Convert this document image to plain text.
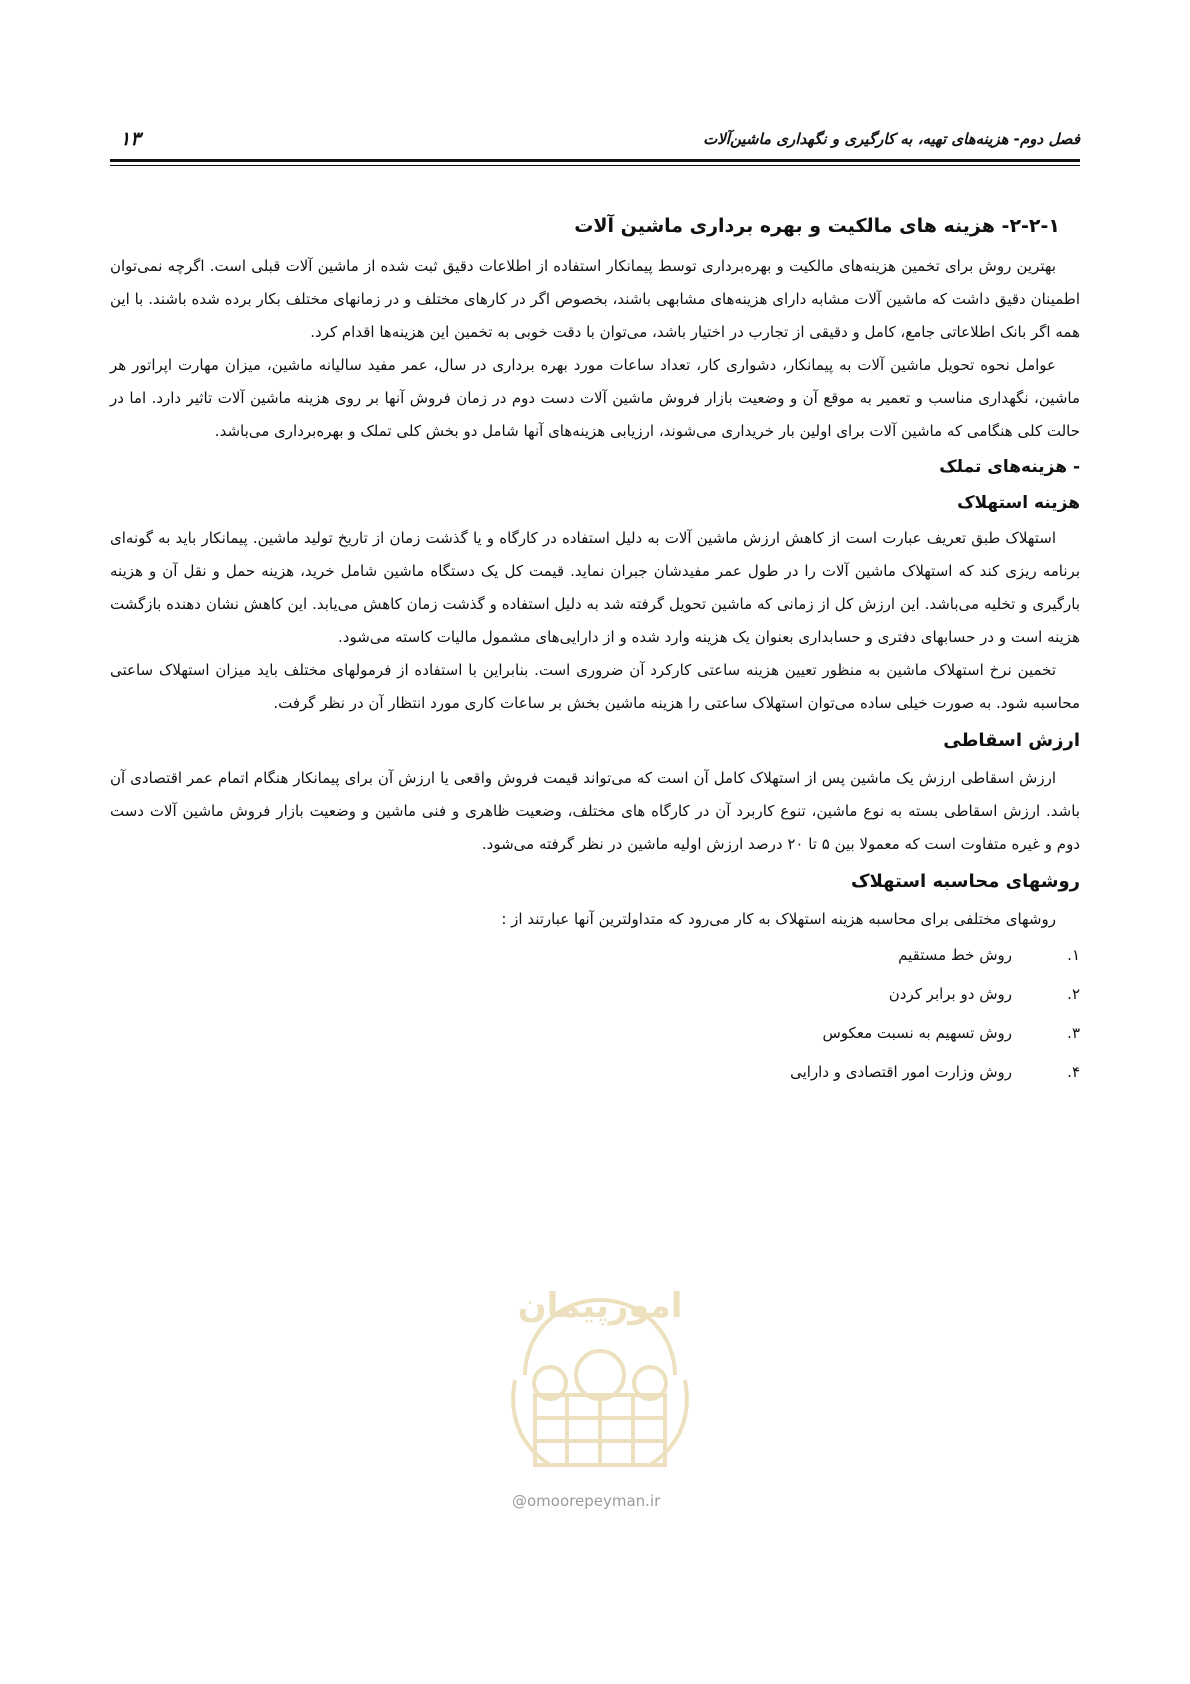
فصل دوم- هزینه‌های تهیه، به کارگیری و نگهداری ماشین‌آلات
۱۳
۲-۲-۱- هزینه های مالکیت و بهره برداری ماشین آلات

بهترین روش برای تخمین هزینه‌های مالکیت و بهره‌برداری توسط پیمانکار استفاده از اطلاعات دقیق ثبت شده از ماشین آلات قبلی است. اگرچه نمی‌توان اطمینان دقیق داشت که ماشین آلات مشابه دارای هزینه‌های مشابهی باشند، بخصوص اگر در کارهای مختلف و در زمانهای مختلف بکار برده شده باشند. با این همه اگر بانک اطلاعاتی جامع، کامل و دقیقی از تجارب در اختیار باشد، می‌توان با دقت خوبی به تخمین این هزینه‌ها اقدام کرد.

عوامل نحوه تحویل ماشین آلات به پیمانکار، دشواری کار، تعداد ساعات مورد بهره برداری در سال، عمر مفید سالیانه ماشین، میزان مهارت اپراتور هر ماشین، نگهداری مناسب و تعمیر به موقع آن و وضعیت بازار فروش ماشین آلات دست دوم در زمان فروش آنها بر روی هزینه ماشین آلات تاثیر دارد. اما در حالت کلی هنگامی که ماشین آلات برای اولین بار خریداری می‌شوند، ارزیابی هزینه‌های آنها شامل دو بخش کلی تملک و بهره‌برداری می‌باشد.

- هزینه‌های تملک
هزینه استهلاک

استهلاک طبق تعریف عبارت است از کاهش ارزش ماشین آلات به دلیل استفاده در کارگاه و یا گذشت زمان از تاریخ تولید ماشین. پیمانکار باید به گونه‌ای برنامه ریزی کند که استهلاک ماشین آلات را در طول عمر مفیدشان جبران نماید. قیمت کل یک دستگاه ماشین شامل خرید، هزینه حمل و نقل آن و هزینه بارگیری و تخلیه می‌باشد. این ارزش کل از زمانی که ماشین تحویل گرفته شد به دلیل استفاده و گذشت زمان کاهش می‌یابد. این کاهش نشان دهنده بازگشت هزینه است و در حسابهای دفتری و حسابداری بعنوان یک هزینه وارد شده و از دارایی‌های مشمول مالیات کاسته می‌شود.

تخمین نرخ استهلاک ماشین به منظور تعیین هزینه ساعتی کارکرد آن ضروری است. بنابراین با استفاده از فرمولهای مختلف باید میزان استهلاک ساعتی محاسبه شود. به صورت خیلی ساده می‌توان استهلاک ساعتی را هزینه ماشین بخش بر ساعات کاری مورد انتظار آن در نظر گرفت.

ارزش اسقاطی

ارزش اسقاطی ارزش یک ماشین پس از استهلاک کامل آن است که می‌تواند قیمت فروش واقعی یا ارزش آن برای پیمانکار هنگام اتمام عمر اقتصادی آن باشد. ارزش اسقاطی بسته به نوع ماشین، تنوع کاربرد آن در کارگاه های مختلف، وضعیت ظاهری و فنی ماشین و وضعیت بازار فروش ماشین آلات دست دوم و غیره متفاوت است که معمولا بین ۵ تا ۲۰ درصد ارزش اولیه ماشین در نظر گرفته می‌شود.

روشهای محاسبه استهلاک

روشهای مختلفی برای محاسبه هزینه استهلاک به کار می‌رود که متداولترین آنها عبارتند از :

۱.
روش خط مستقیم
۲.
روش دو برابر کردن
۳.
روش تسهیم به نسبت معکوس
۴.
روش وزارت امور اقتصادی و دارایی
امورپیمان
@omoorepeyman.ir
